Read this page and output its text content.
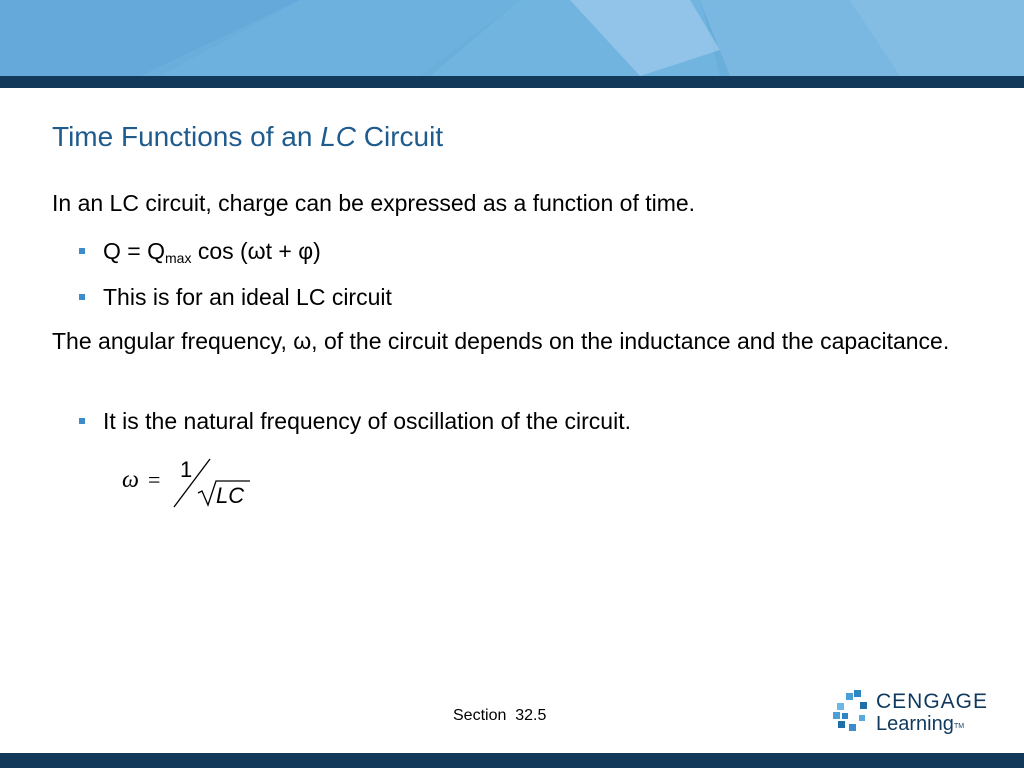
Time Functions of an LC Circuit
In an LC circuit, charge can be expressed as a function of time.
$Q = Q_{max}$ cos (ωt + φ)
This is for an ideal LC circuit
The angular frequency, ω, of the circuit depends on the inductance and the capacitance.
It is the natural frequency of oscillation of the circuit.
ω = 1
LC
Section  32.5
CENGAGE
Learning TM
